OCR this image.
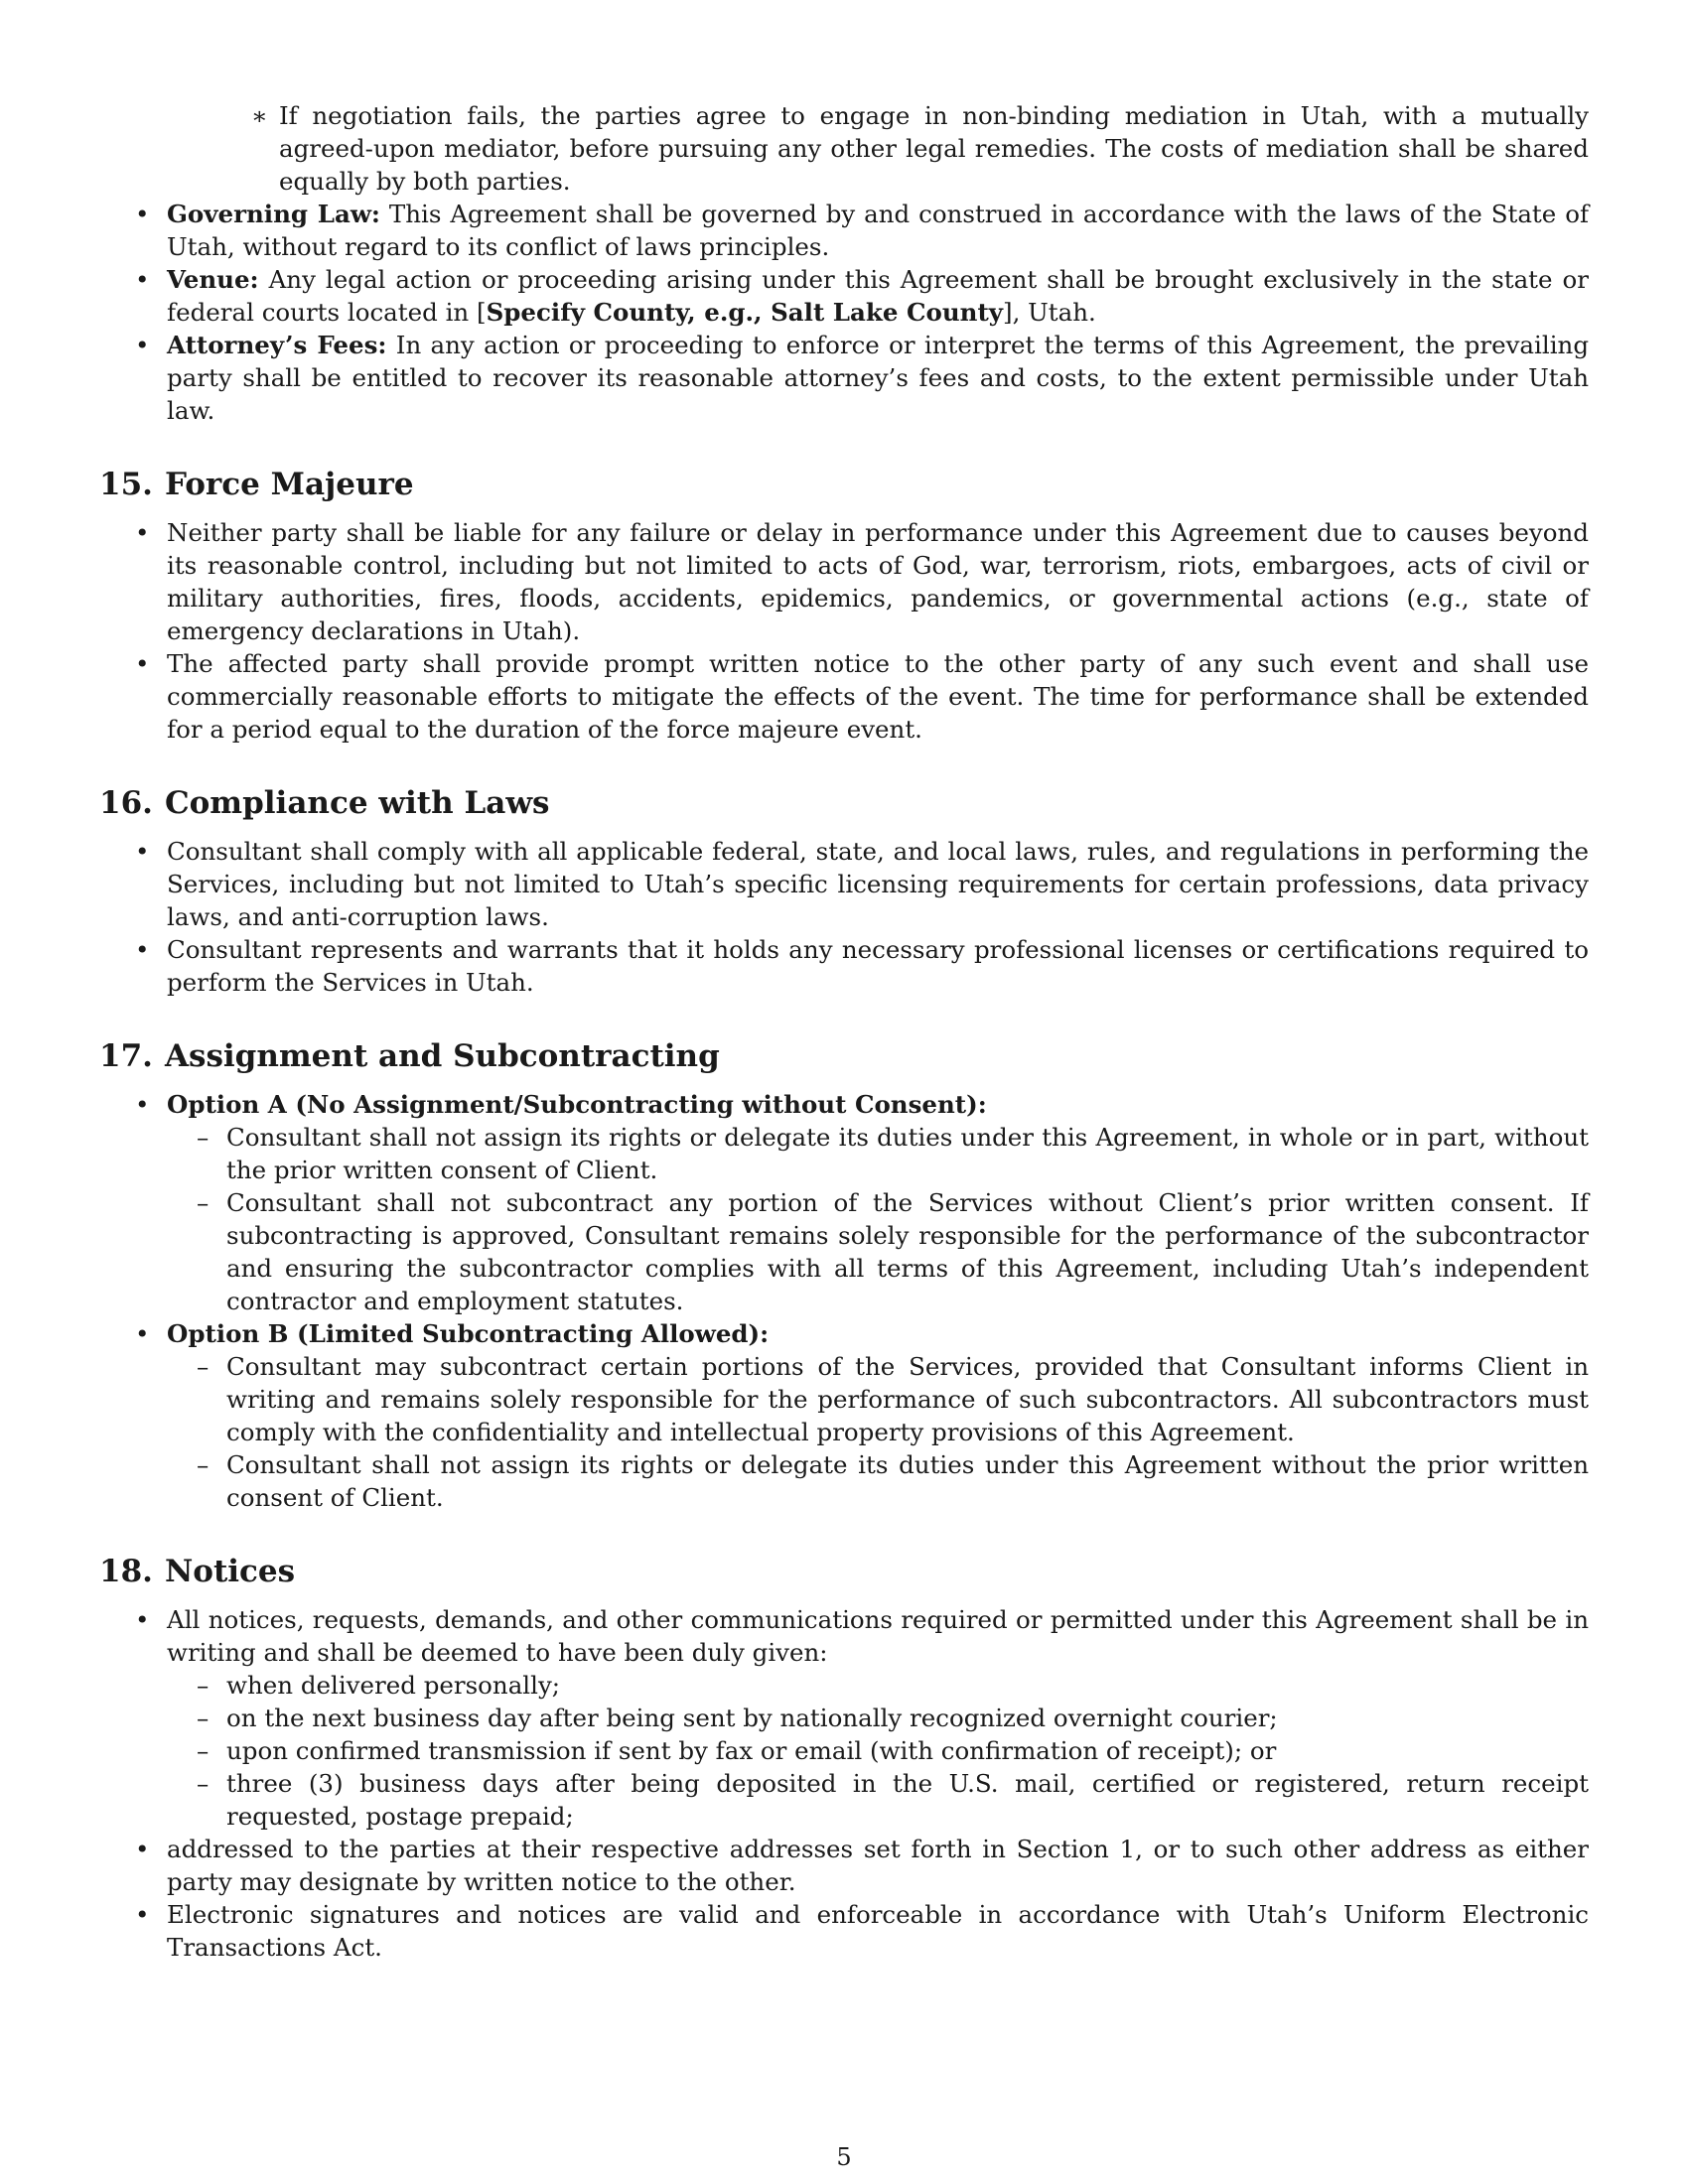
∗ If negotiation fails, the parties agree to engage in non-binding mediation in Utah, with a mutually agreed-upon mediator, before pursuing any other legal remedies. The costs of mediation shall be shared equally by both parties.
• Governing Law: This Agreement shall be governed by and construed in accordance with the laws of the State of Utah, without regard to its conflict of laws principles.
• Venue: Any legal action or proceeding arising under this Agreement shall be brought exclusively in the state or federal courts located in [Specify County, e.g., Salt Lake County], Utah.
• Attorney’s Fees: In any action or proceeding to enforce or interpret the terms of this Agreement, the prevailing party shall be entitled to recover its reasonable attorney’s fees and costs, to the extent permissible under Utah law.
15. Force Majeure
• Neither party shall be liable for any failure or delay in performance under this Agreement due to causes beyond its reasonable control, including but not limited to acts of God, war, terrorism, riots, embargoes, acts of civil or military authorities, fires, floods, accidents, epidemics, pandemics, or governmental actions (e.g., state of emergency declarations in Utah).
• The affected party shall provide prompt written notice to the other party of any such event and shall use commercially reasonable efforts to mitigate the effects of the event. The time for performance shall be extended for a period equal to the duration of the force majeure event.
16. Compliance with Laws
• Consultant shall comply with all applicable federal, state, and local laws, rules, and regulations in performing the Services, including but not limited to Utah’s specific licensing requirements for certain professions, data privacy laws, and anti-corruption laws.
• Consultant represents and warrants that it holds any necessary professional licenses or certifications required to perform the Services in Utah.
17. Assignment and Subcontracting
• Option A (No Assignment/Subcontracting without Consent):
– Consultant shall not assign its rights or delegate its duties under this Agreement, in whole or in part, without the prior written consent of Client.
– Consultant shall not subcontract any portion of the Services without Client’s prior written consent. If subcontracting is approved, Consultant remains solely responsible for the performance of the subcontractor and ensuring the subcontractor complies with all terms of this Agreement, including Utah’s independent contractor and employment statutes.
• Option B (Limited Subcontracting Allowed):
– Consultant may subcontract certain portions of the Services, provided that Consultant informs Client in writing and remains solely responsible for the performance of such subcontractors. All subcontractors must comply with the confidentiality and intellectual property provisions of this Agreement.
– Consultant shall not assign its rights or delegate its duties under this Agreement without the prior written consent of Client.
18. Notices
• All notices, requests, demands, and other communications required or permitted under this Agreement shall be in writing and shall be deemed to have been duly given:
– when delivered personally;
– on the next business day after being sent by nationally recognized overnight courier;
– upon confirmed transmission if sent by fax or email (with confirmation of receipt); or
– three (3) business days after being deposited in the U.S. mail, certified or registered, return receipt requested, postage prepaid;
• addressed to the parties at their respective addresses set forth in Section 1, or to such other address as either party may designate by written notice to the other.
• Electronic signatures and notices are valid and enforceable in accordance with Utah’s Uniform Electronic Transactions Act.
5
